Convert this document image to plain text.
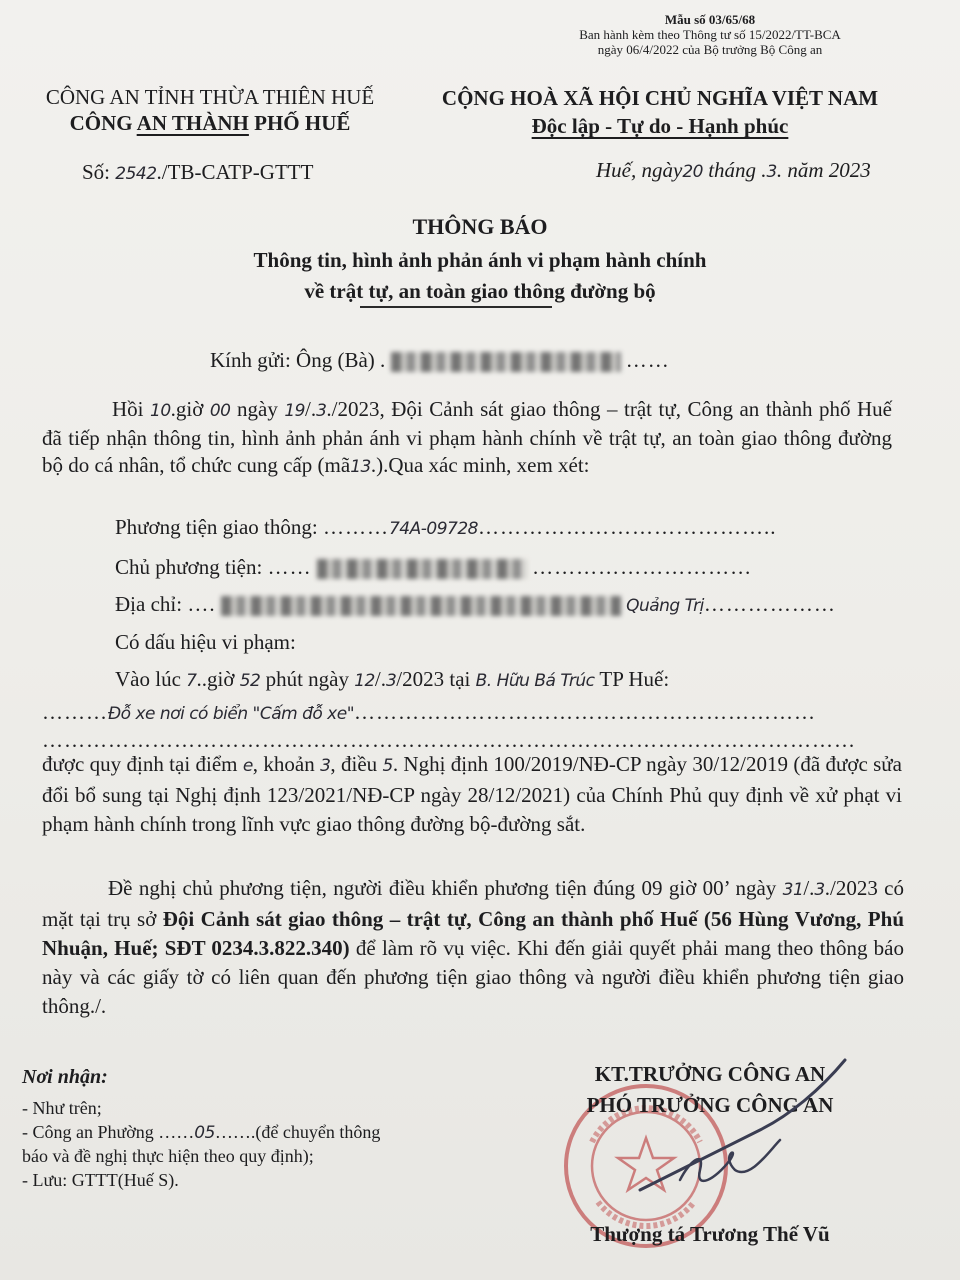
Mẫu số 03/65/68
Ban hành kèm theo Thông tư số 15/2022/TT-BCA
ngày 06/4/2022 của Bộ trưởng Bộ Công an
CÔNG AN TỈNH THỪA THIÊN HUẾ
CÔNG AN THÀNH PHỐ HUẾ
CỘNG HOÀ XÃ HỘI CHỦ NGHĨA VIỆT NAM
Độc lập - Tự do - Hạnh phúc
Số: 2542./TB-CATP-GTTT	Huế, ngày20 tháng .3. năm 2023
THÔNG BÁO
Thông tin, hình ảnh phản ánh vi phạm hành chính
về trật tự, an toàn giao thông đường bộ
Kính gửi: Ông (Bà) .	……
Hồi 10.giờ 00 ngày 19/.3./2023, Đội Cảnh sát giao thông – trật tự, Công an thành phố Huế đã tiếp nhận thông tin, hình ảnh phản ánh vi phạm hành chính về trật tự, an toàn giao thông đường bộ do cá nhân, tổ chức cung cấp (mã13.).Qua xác minh, xem xét:
Phương tiện giao thông: ………74A-09728…………………………………..
Chủ phương tiện: ……	…………………………
Địa chỉ: ….	Quảng Trị………………
Có dấu hiệu vi phạm:
Vào lúc 7..giờ 52 phút ngày 12/.3/2023 tại B. Hữu Bá Trúc TP Huế:
………Đỗ xe nơi có biển "Cấm đỗ xe"………………………………………………………
…………………………………………………………………………………………………
được quy định tại điểm e, khoản 3, điều 5. Nghị định 100/2019/NĐ-CP ngày 30/12/2019 (đã được sửa đổi bổ sung tại Nghị định 123/2021/NĐ-CP ngày 28/12/2021) của Chính Phủ quy định về xử phạt vi phạm hành chính trong lĩnh vực giao thông đường bộ-đường sắt.
Đề nghị chủ phương tiện, người điều khiển phương tiện đúng 09 giờ 00’ ngày 31/.3./2023 có mặt tại trụ sở Đội Cảnh sát giao thông – trật tự, Công an thành phố Huế (56 Hùng Vương, Phú Nhuận, Huế; SĐT 0234.3.822.340) để làm rõ vụ việc. Khi đến giải quyết phải mang theo thông báo này và các giấy tờ có liên quan đến phương tiện giao thông và người điều khiển phương tiện giao thông./.
Nơi nhận:
- Như trên;
- Công an Phường ……05…….(để chuyển thông
báo và đề nghị thực hiện theo quy định);
- Lưu: GTTT(Huế S).
KT.TRƯỞNG CÔNG AN
PHÓ TRƯỞNG CÔNG AN
Thượng tá Trương Thế Vũ
